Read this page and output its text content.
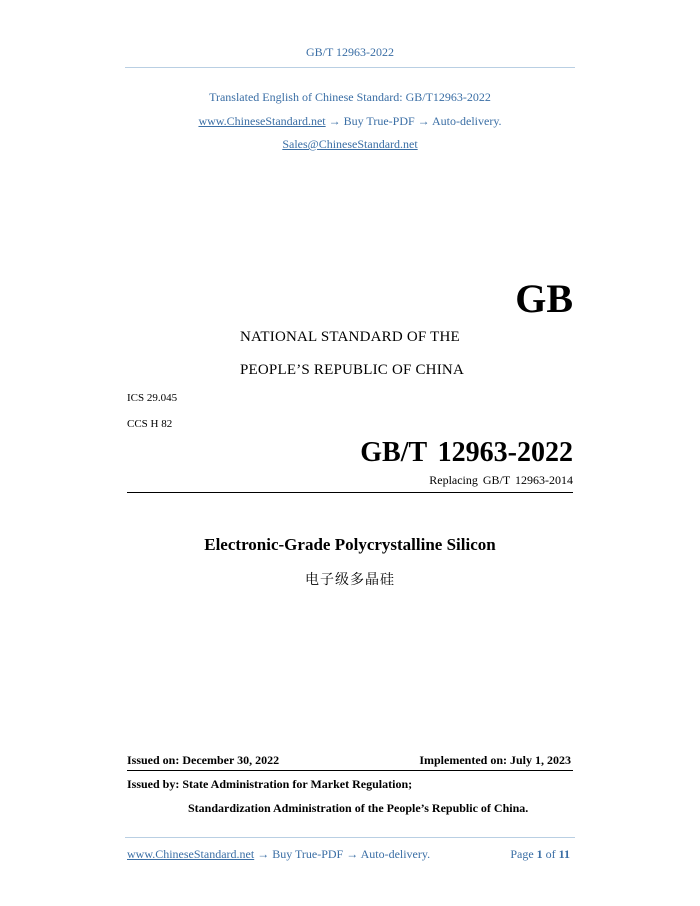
GB/T 12963-2022
Translated English of Chinese Standard: GB/T12963-2022
www.ChineseStandard.net → Buy True-PDF → Auto-delivery.
Sales@ChineseStandard.net
GB
NATIONAL STANDARD OF THE
PEOPLE’S REPUBLIC OF CHINA
ICS 29.045
CCS H 82
GB/T 12963-2022
Replacing GB/T 12963-2014
Electronic-Grade Polycrystalline Silicon
电子级多晶硅
Issued on: December 30, 2022	Implemented on: July 1, 2023
Issued by: State Administration for Market Regulation;
Standardization Administration of the People’s Republic of China.
www.ChineseStandard.net → Buy True-PDF → Auto-delivery.	Page 1 of 11
